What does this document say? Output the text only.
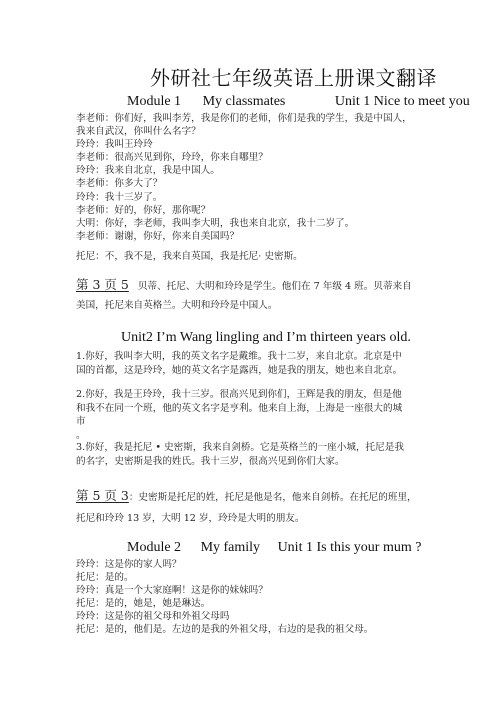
外研社七年级英语上册课文翻译
Module 1 My classmates	Unit 1 Nice to meet you
李老师：你们好，我叫李芳，我是你们的老师，你们是我的学生，我是中国人，
我来自武汉，你叫什么名字？
玲玲：我叫王玲玲
李老师：很高兴见到你，玲玲，你来自哪里？
玲玲：我来自北京，我是中国人。
李老师：你多大了？
玲玲：我十三岁了。
李老师：好的，你好，那你呢？
大明：你好，李老师，我叫李大明，我也来自北京，我十二岁了。
李老师：谢谢，你好，你来自美国吗？
托尼：不，我不是，我来自英国，我是托尼· 史密斯。
第 3 页 5 贝蒂、托尼、大明和玲玲是学生。他们在 7 年级 4 班。贝蒂来自
美国，托尼来自英格兰。大明和玲玲是中国人。
Unit2 I’m Wang lingling and I’m thirteen years old.
1.你好，我叫李大明，我的英文名字是戴维。我十二岁，来自北京。北京是中
国的首都，这是玲玲，她的英文名字是露西，她是我的朋友，她也来自北京。
2.你好，我是王玲玲，我十三岁。很高兴见到你们，王辉是我的朋友，但是他
和我不在同一个班，他的英文名字是亨利。他来自上海，上海是一座很大的城
市
。
3.你好，我是托尼 • 史密斯，我来自剑桥。它是英格兰的一座小城，托尼是我
的名字，史密斯是我的姓氏。我十三岁，很高兴见到你们大家。
第 5 页 3：史密斯是托尼的姓，托尼是他是名，他来自剑桥。在托尼的班里，
托尼和玲玲 13 岁，大明 12 岁，玲玲是大明的朋友。
Module 2 My family Unit 1 Is this your mum ?
玲玲：这是你的家人吗？
托尼：是的。
玲玲：真是一个大家庭啊！这是你的妹妹吗？
托尼：是的，她是，她是琳达。
玲玲：这是你的祖父母和外祖父母吗
托尼：是的，他们是。左边的是我的外祖父母，右边的是我的祖父母。
